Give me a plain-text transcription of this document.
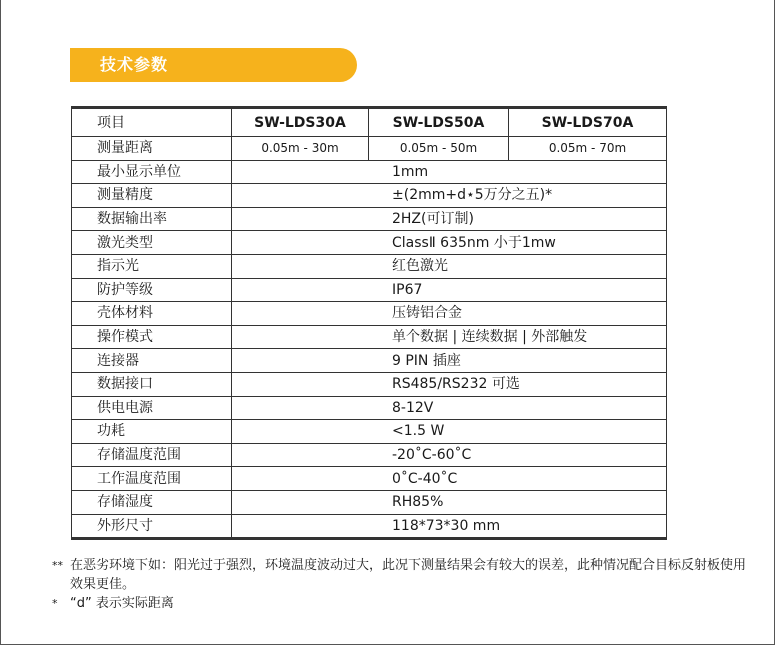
技术参数
项目	SW-LDS30A	SW-LDS50A	SW-LDS70A
测量距离	0.05m - 30m	0.05m - 50m	0.05m - 70m
最小显示单位	1mm		
测量精度	±(2mm+d⋆5万分之五)*		
数据输出率	2HZ(可订制)		
激光类型	ClassⅡ 635nm 小于1mw		
指示光	红色激光		
防护等级	IP67		
壳体材料	压铸铝合金		
操作模式	单个数据 | 连续数据 | 外部触发		
连接器	9 PIN 插座		
数据接口	RS485/RS232 可选		
供电电源	8-12V		
功耗	<1.5 W		
存储温度范围	-20˚C-60˚C		
工作温度范围	0˚C-40˚C		
存储湿度	RH85%		
外形尺寸	118*73*30 mm		
** 在恶劣环境下如：阳光过于强烈，环境温度波动过大，此况下测量结果会有较大的误差，此种情况配合目标反射板使用效果更佳。
* “d” 表示实际距离
